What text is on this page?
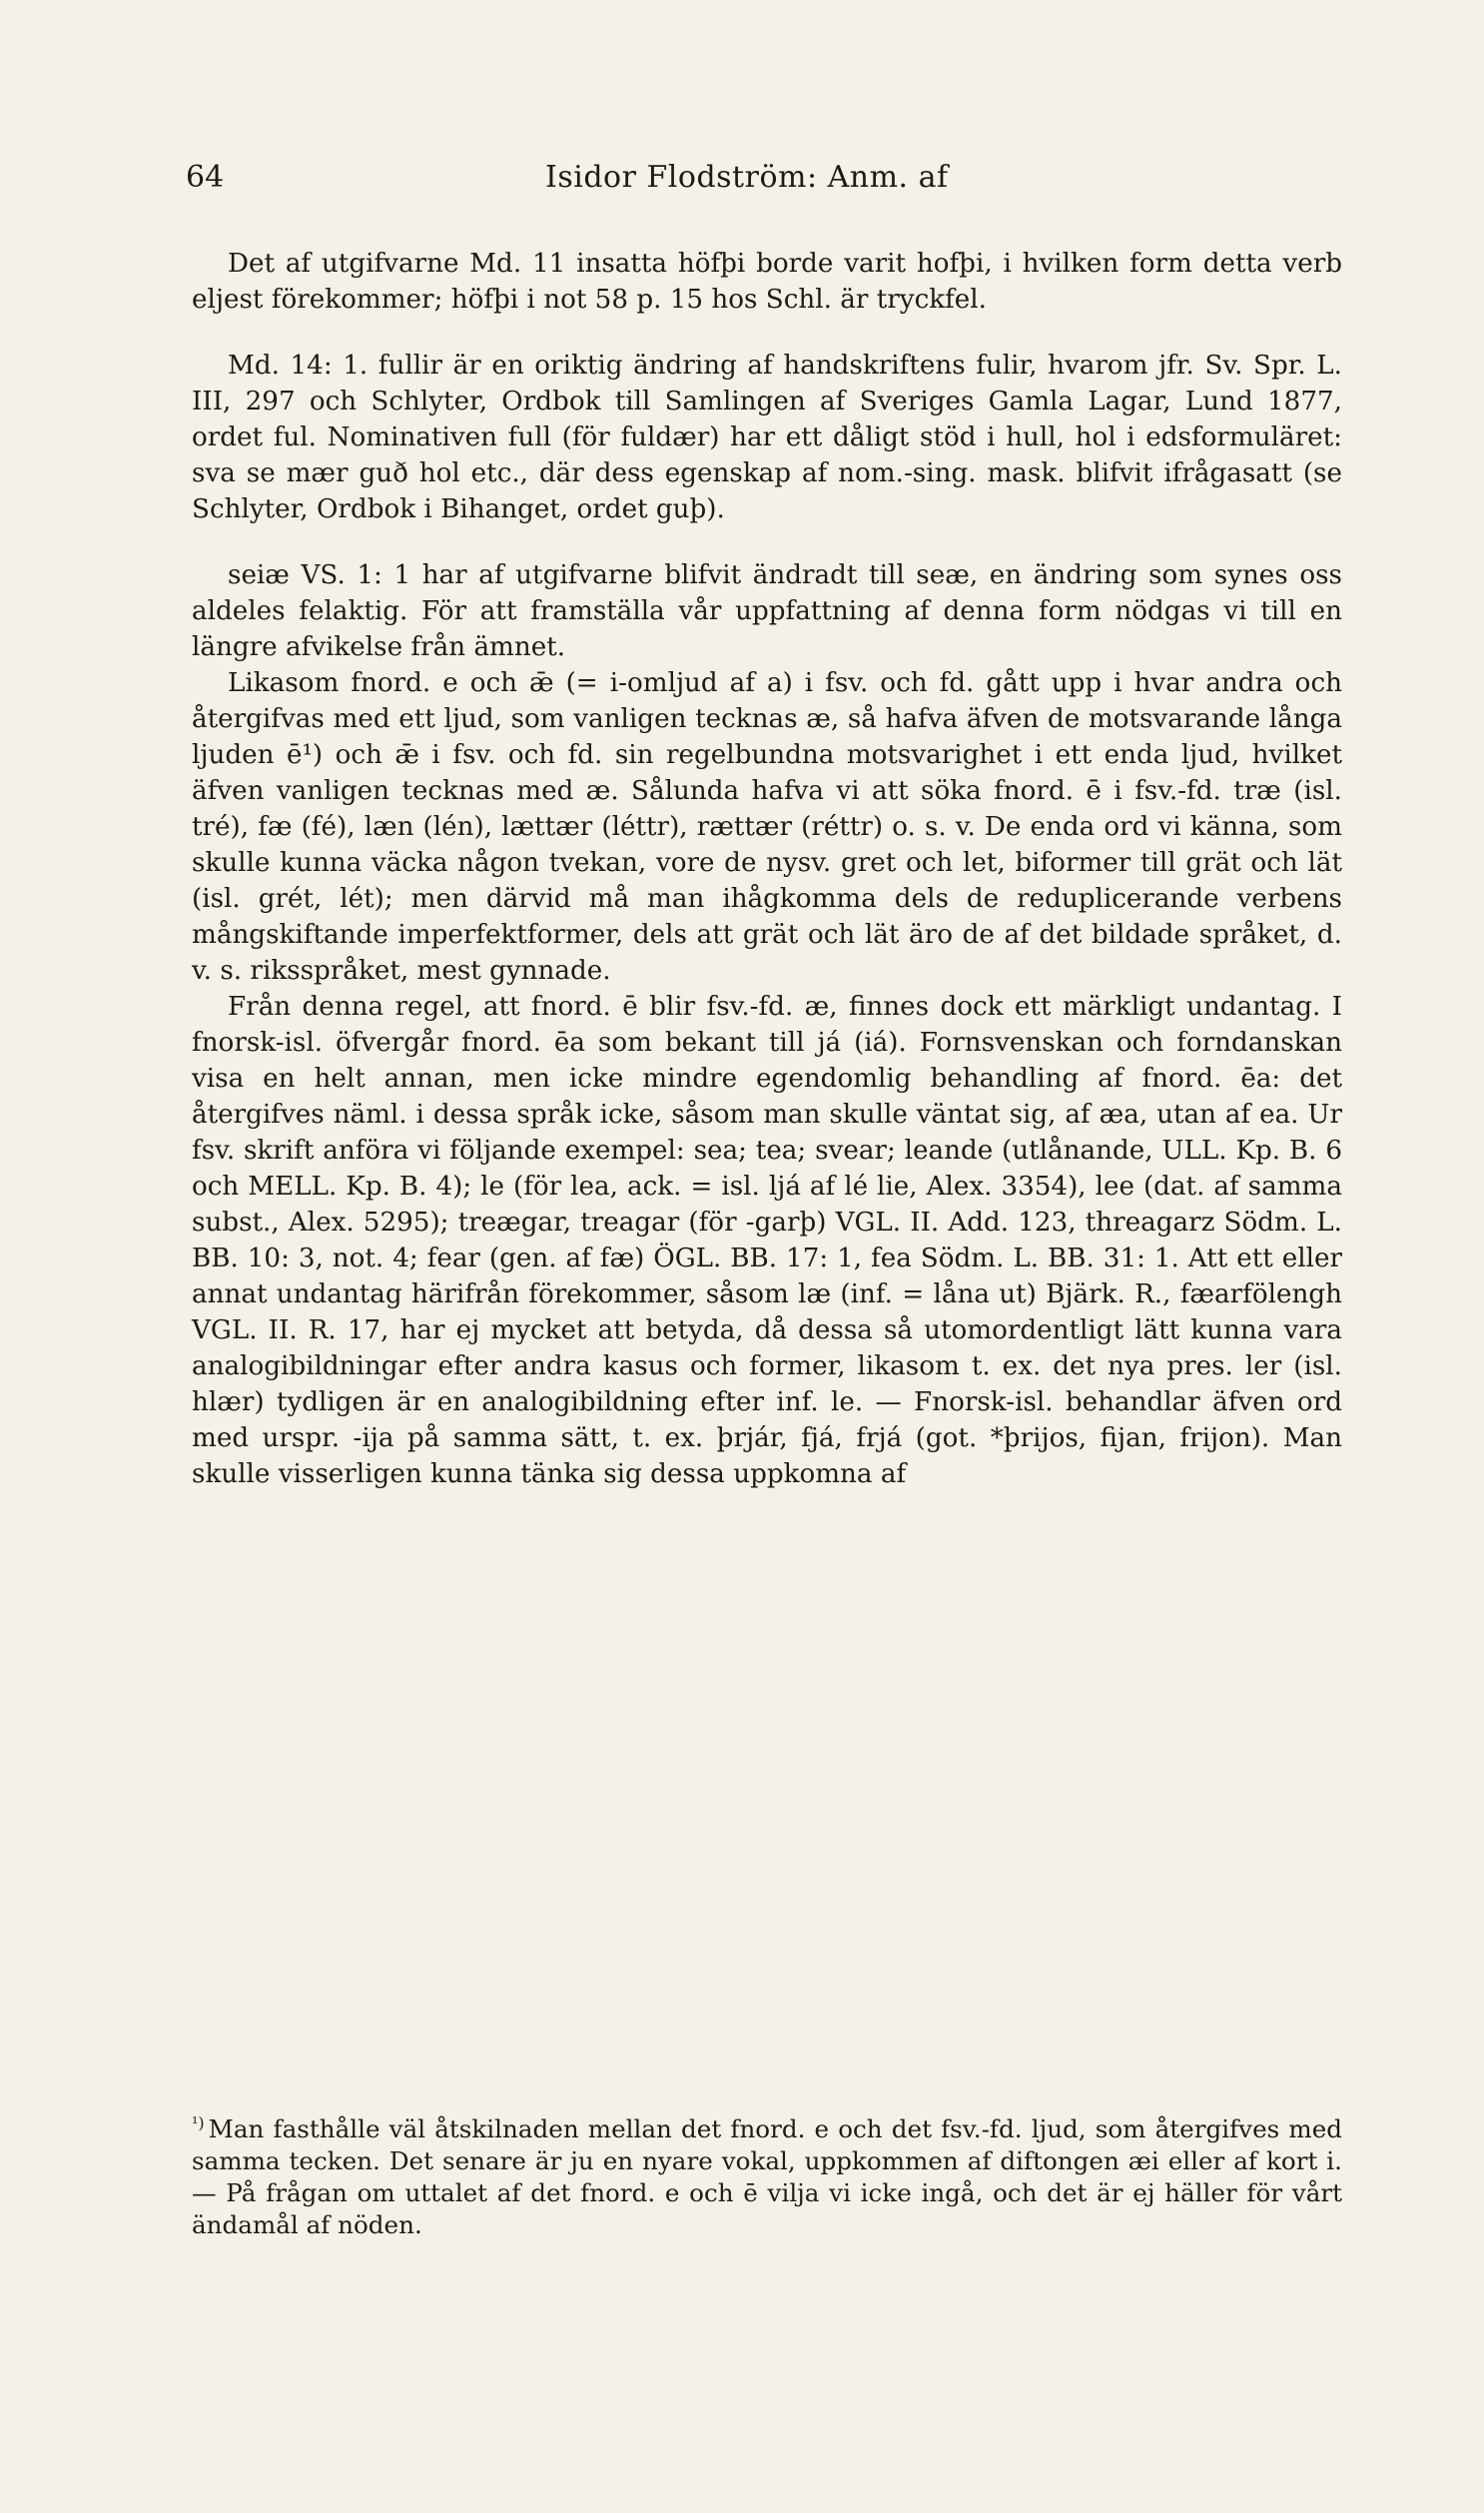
64	Isidor Flodström: Anm. af

Det af utgifvarne Md. 11 insatta höfþi borde varit hofþi, i hvilken form detta verb eljest förekommer; höfþi i not 58 p. 15 hos Schl. är tryckfel.

Md. 14: 1. fullir är en oriktig ändring af handskriftens fulir, hvarom jfr. Sv. Spr. L. III, 297 och Schlyter, Ordbok till Samlingen af Sveriges Gamla Lagar, Lund 1877, ordet ful. Nominativen full (för fuldær) har ett dåligt stöd i hull, hol i edsformuläret: sva se mær guð hol etc., där dess egenskap af nom.-sing. mask. blifvit ifrågasatt (se Schlyter, Ordbok i Bihanget, ordet guþ).

seiæ VS. 1: 1 har af utgifvarne blifvit ändradt till seæ, en ändring som synes oss aldeles felaktig. För att framställa vår uppfattning af denna form nödgas vi till en längre afvikelse från ämnet.

Likasom fnord. e och ǣ (= i-omljud af a) i fsv. och fd. gått upp i hvar andra och återgifvas med ett ljud, som vanligen tecknas æ, så hafva äfven de motsvarande långa ljuden ē¹) och ǣ i fsv. och fd. sin regelbundna motsvarighet i ett enda ljud, hvilket äfven vanligen tecknas med æ. Sålunda hafva vi att söka fnord. ē i fsv.-fd. træ (isl. tré), fæ (fé), læn (lén), lættær (léttr), rættær (réttr) o. s. v. De enda ord vi känna, som skulle kunna väcka någon tvekan, vore de nysv. gret och let, biformer till grät och lät (isl. grét, lét); men därvid må man ihågkomma dels de reduplicerande verbens mångskiftande imperfektformer, dels att grät och lät äro de af det bildade språket, d. v. s. riksspråket, mest gynnade.

Från denna regel, att fnord. ē blir fsv.-fd. æ, finnes dock ett märkligt undantag. I fnorsk-isl. öfvergår fnord. ēa som bekant till já (iá). Fornsvenskan och forndanskan visa en helt annan, men icke mindre egendomlig behandling af fnord. ēa: det återgifves näml. i dessa språk icke, såsom man skulle väntat sig, af æa, utan af ea. Ur fsv. skrift anföra vi följande exempel: sea; tea; svear; leande (utlånande, ULL. Kp. B. 6 och MELL. Kp. B. 4); le (för lea, ack. = isl. ljá af lé lie, Alex. 3354), lee (dat. af samma subst., Alex. 5295); treægar, treagar (för -garþ) VGL. II. Add. 123, threagarz Södm. L. BB. 10: 3, not. 4; fear (gen. af fæ) ÖGL. BB. 17: 1, fea Södm. L. BB. 31: 1. Att ett eller annat undantag härifrån förekommer, såsom læ (inf. = låna ut) Bjärk. R., fæarfölengh VGL. II. R. 17, har ej mycket att betyda, då dessa så utomordentligt lätt kunna vara analogibildningar efter andra kasus och former, likasom t. ex. det nya pres. ler (isl. hlær) tydligen är en analogibildning efter inf. le. — Fnorsk-isl. behandlar äfven ord med urspr. -ija på samma sätt, t. ex. þrjár, fjá, frjá (got. *þrijos, fijan, frijon). Man skulle visserligen kunna tänka sig dessa uppkomna af

$^{^1)}$ Man fasthålle väl åtskilnaden mellan det fnord. e och det fsv.-fd. ljud, som återgifves med samma tecken. Det senare är ju en nyare vokal, uppkommen af diftongen æi eller af kort i. — På frågan om uttalet af det fnord. e och ē vilja vi icke ingå, och det är ej häller för vårt ändamål af nöden.
